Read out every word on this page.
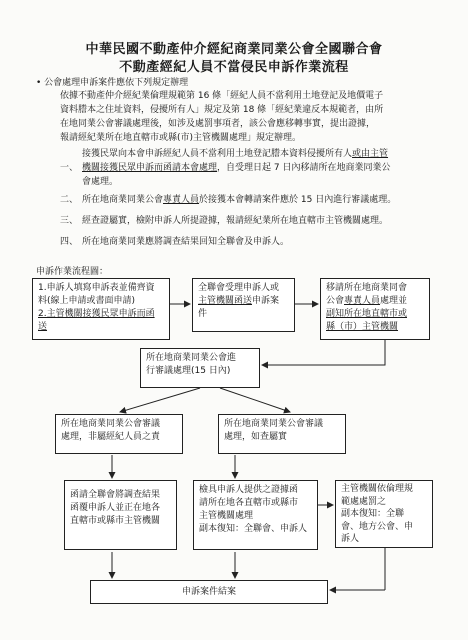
中華民國不動產仲介經紀商業同業公會全國聯合會
不動產經紀人員不當侵民申訴作業流程
• 公會處理申訴案件應依下列規定辦理
依據不動產仲介經紀業倫理規範第 16 條「經紀人員不當利用土地登記及地價電子
資料謄本之住址資料，侵擾所有人」規定及第 18 條「經紀業違反本規範者，由所
在地同業公會審議處理後，如涉及處罰事項者，該公會應移轉事實，提出證據，
報請經紀業所在地直轄市或縣(市)主管機關處理」規定辦理。
接獲民眾向本會申訴經紀人員不當利用土地登記謄本資料侵擾所有人或由主管
一、 機關接獲民眾申訴而函請本會處理，自受理日起 7 日內移請所在地商業同業公
會處理。
二、 所在地商業同業公會專責人員於接獲本會轉請案件應於 15 日內進行審議處理。
三、 經查證屬實，檢附申訴人所提證據，報請經紀業所在地直轄市主管機關處理。
四、 所在地商業同業應將調查結果回知全聯會及申訴人。
申訴作業流程圖：
1.申訴人填寫申訴表並備齊資
料(線上申請或書面申請)
2.主管機關接獲民眾申訴而函
送
全聯會受理申訴人或
主管機關函送申訴案
件
移請所在地商業同會
公會專責人員處理並
副知所在地直轄市或
縣（市）主管機關
所在地商業同業公會進
行審議處理(15 日內)
所在地商業同業公會審議
處理，非屬經紀人員之責
所在地商業同業公會審議
處理，如查屬實
函請全聯會將調查結果
函覆申訴人並正在地各
直轄市或縣市主管機關
檢具申訴人提供之證據函
請所在地各直轄市或縣市
主管機關處理
副本復知：全聯會、申訴人
主管機關依倫理規
範處處罰之
副本復知：全聯
會、地方公會、申
訴人
申訴案件結案
